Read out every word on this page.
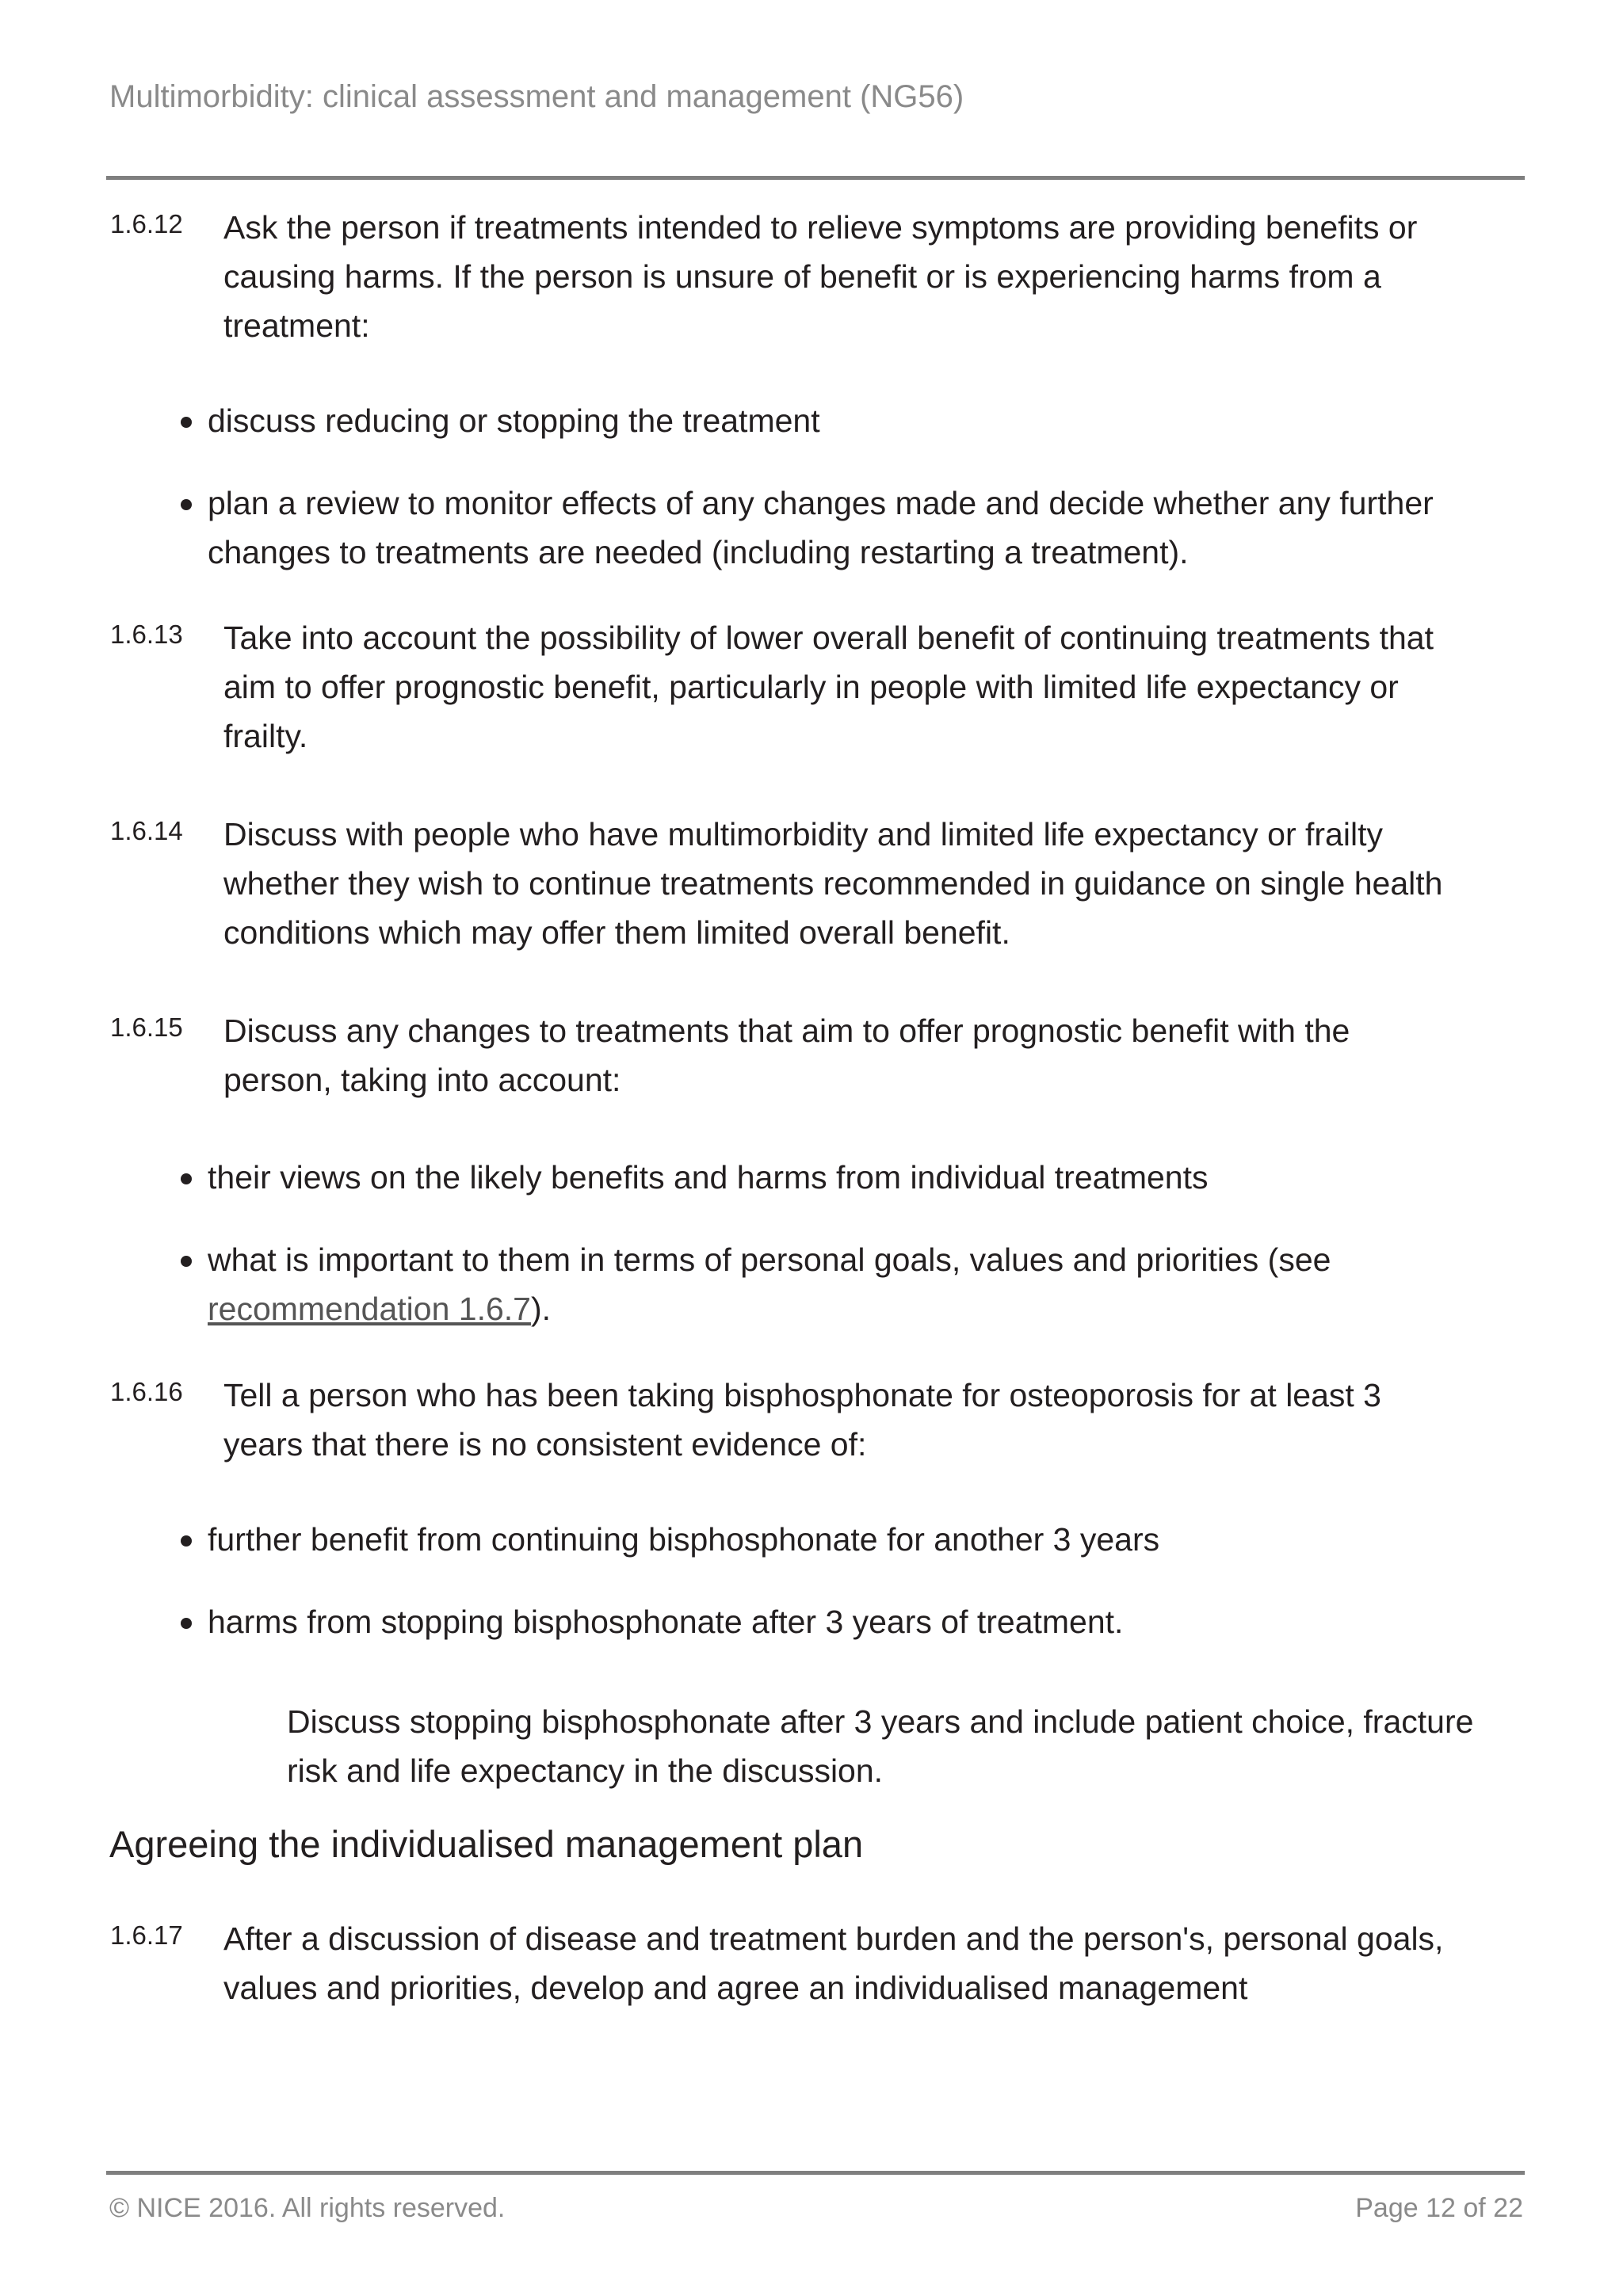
Multimorbidity: clinical assessment and management (NG56)
1.6.12 Ask the person if treatments intended to relieve symptoms are providing benefits or causing harms. If the person is unsure of benefit or is experiencing harms from a treatment:

discuss reducing or stopping the treatment
plan a review to monitor effects of any changes made and decide whether any further changes to treatments are needed (including restarting a treatment).
1.6.13 Take into account the possibility of lower overall benefit of continuing treatments that aim to offer prognostic benefit, particularly in people with limited life expectancy or frailty.

1.6.14 Discuss with people who have multimorbidity and limited life expectancy or frailty whether they wish to continue treatments recommended in guidance on single health conditions which may offer them limited overall benefit.

1.6.15 Discuss any changes to treatments that aim to offer prognostic benefit with the person, taking into account:

their views on the likely benefits and harms from individual treatments
what is important to them in terms of personal goals, values and priorities (see recommendation 1.6.7).
1.6.16 Tell a person who has been taking bisphosphonate for osteoporosis for at least 3 years that there is no consistent evidence of:

further benefit from continuing bisphosphonate for another 3 years
harms from stopping bisphosphonate after 3 years of treatment.

Discuss stopping bisphosphonate after 3 years and include patient choice, fracture risk and life expectancy in the discussion.

Agreeing the individualised management plan
1.6.17 After a discussion of disease and treatment burden and the person's, personal goals, values and priorities, develop and agree an individualised management

© NICE 2016. All rights reserved.	Page 12 of 22
